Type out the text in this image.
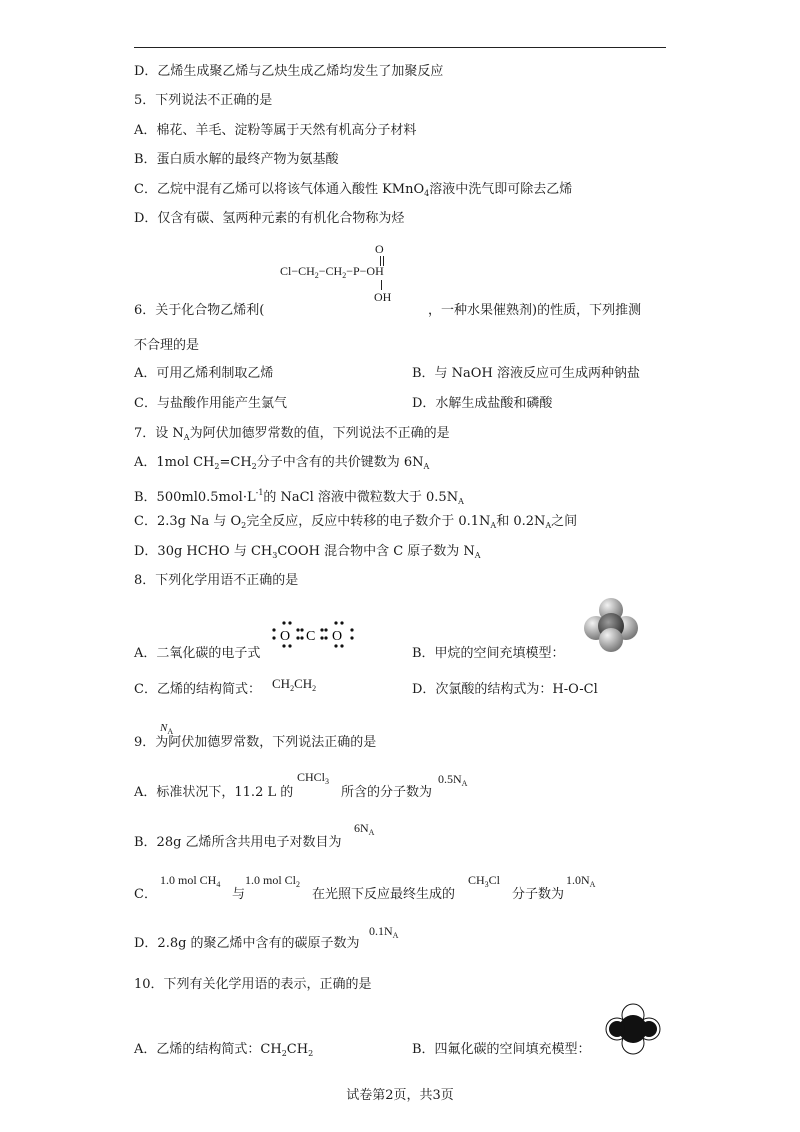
D．乙烯生成聚乙烯与乙炔生成乙烯均发生了加聚反应
5．下列说法不正确的是
A．棉花、羊毛、淀粉等属于天然有机高分子材料
B．蛋白质水解的最终产物为氨基酸
C．乙烷中混有乙烯可以将该气体通入酸性 KMnO$_4$溶液中洗气即可除去乙烯
D．仅含有碳、氢两种元素的有机化合物称为烃
O
$Cl-CH_2-CH_2-P-OH$
OH
6．关于化合物乙烯利(	，一种水果催熟剂)的性质，下列推测
不合理的是
A．可用乙烯利制取乙烯	B．与 NaOH 溶液反应可生成两种钠盐
C．与盐酸作用能产生氯气	D．水解生成盐酸和磷酸
7．设 $N_A$为阿伏加德罗常数的值，下列说法不正确的是
A．1mol $CH_2=CH_2$分子中含有的共价键数为 $6N_A$
B．$500ml0.5mol\cdot L^{-1}$的 NaCl 溶液中微粒数大于 $0.5N_A$
C．2.3g Na 与 $O_2$完全反应，反应中转移的电子数介于 $0.1N_A$和 $0.2N_A$之间
D．30g HCHO 与 $CH_3COOH$ 混合物中含 C 原子数为 $N_A$
8．下列化学用语不正确的是
O C O
A．二氧化碳的电子式	B．甲烷的空间充填模型：
C．乙烯的结构简式： $CH_2CH_2$	D．次氯酸的结构式为：H-O-Cl
9．为阿伏加德罗常数，下列说法正确的是
$N_A$
A．标准状况下，11.2 L 的
CHCl$_3$
所含的分子数为
$0.5N_A$
B．28g 乙烯所含共用电子对数目为
$6N_A$
C．
1.0 mol $CH_4$
与
1.0 mol $Cl_2$
在光照下反应最终生成的
$CH_3Cl$
分子数为
$1.0N_A$
D．2.8g 的聚乙烯中含有的碳原子数为
$0.1N_A$
10．下列有关化学用语的表示，正确的是
A．乙烯的结构简式：$CH_2CH_2$	B．四氟化碳的空间填充模型：
试卷第2页，共3页
